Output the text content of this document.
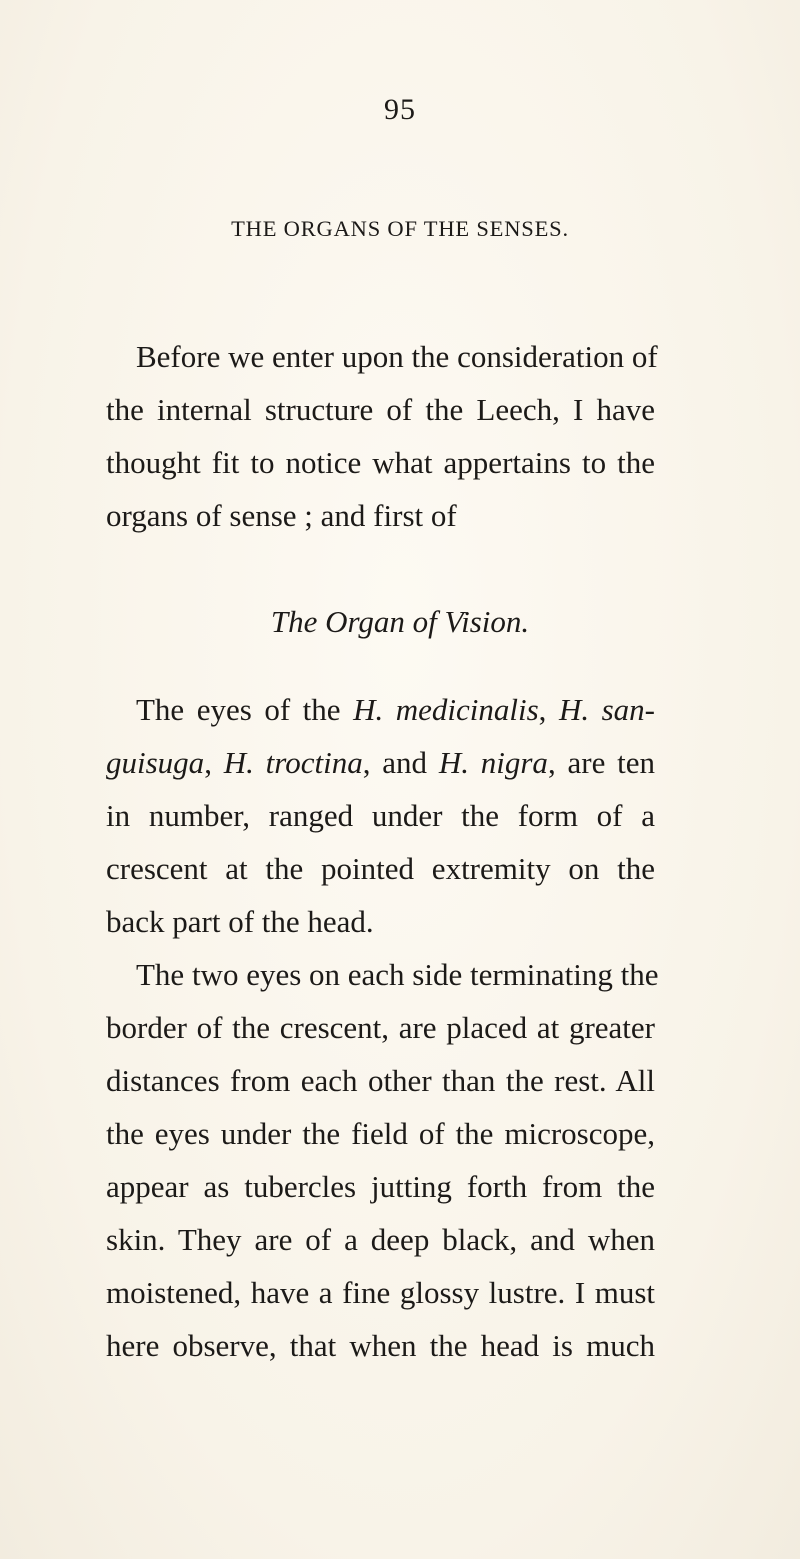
95
THE ORGANS OF THE SENSES.
Before we enter upon the consideration of
the internal structure of the Leech, I have
thought fit to notice what appertains to the
organs of sense ; and first of
The Organ of Vision.
The eyes of the H. medicinalis, H. san-
guisuga, H. troctina, and H. nigra, are ten
in number, ranged under the form of a
crescent at the pointed extremity on the
back part of the head.
The two eyes on each side terminating the
border of the crescent, are placed at greater
distances from each other than the rest. All
the eyes under the field of the microscope,
appear as tubercles jutting forth from the
skin. They are of a deep black, and when
moistened, have a fine glossy lustre. I must
here observe, that when the head is much
